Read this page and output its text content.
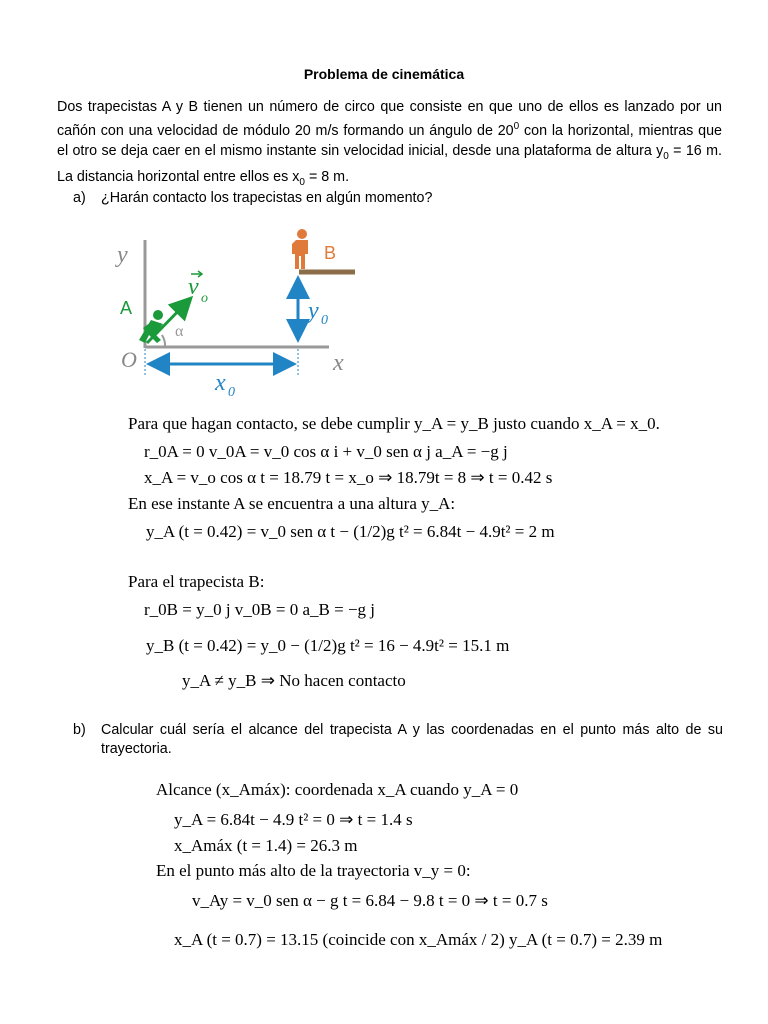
Problema de cinemática
Dos trapecistas A y B tienen un número de circo que consiste en que uno de ellos es lanzado por un cañón con una velocidad de módulo 20 m/s formando un ángulo de $20^0$ con la horizontal, mientras que el otro se deja caer en el mismo instante sin velocidad inicial, desde una plataforma de altura $y_0 = 16$ m. La distancia horizontal entre ellos es $x_0 = 8$ m.
a) ¿Harán contacto los trapecistas en algún momento?
y
x
O
α
v o
A
B
y 0
x 0
Para que hagan contacto, se debe cumplir y_A = y_B justo cuando x_A = x_0.
r_0A = 0 v_0A = v_0 cos α i + v_0 sen α j a_A = −g j
x_A = v_o cos α t = 18.79 t = x_o ⇒ 18.79t = 8 ⇒ t = 0.42 s
En ese instante A se encuentra a una altura y_A:
y_A (t = 0.42) = v_0 sen α t − (1/2)g t² = 6.84t − 4.9t² = 2 m
Para el trapecista B:
r_0B = y_0 j v_0B = 0 a_B = −g j
y_B (t = 0.42) = y_0 − (1/2)g t² = 16 − 4.9t² = 15.1 m
y_A ≠ y_B ⇒ No hacen contacto
b) Calcular cuál sería el alcance del trapecista A y las coordenadas en el punto más alto de su trayectoria.
Alcance (x_Amáx): coordenada x_A cuando y_A = 0
y_A = 6.84t − 4.9 t² = 0 ⇒ t = 1.4 s
x_Amáx (t = 1.4) = 26.3 m
En el punto más alto de la trayectoria v_y = 0:
v_Ay = v_0 sen α − g t = 6.84 − 9.8 t = 0 ⇒ t = 0.7 s
x_A (t = 0.7) = 13.15 (coincide con x_Amáx / 2) y_A (t = 0.7) = 2.39 m
